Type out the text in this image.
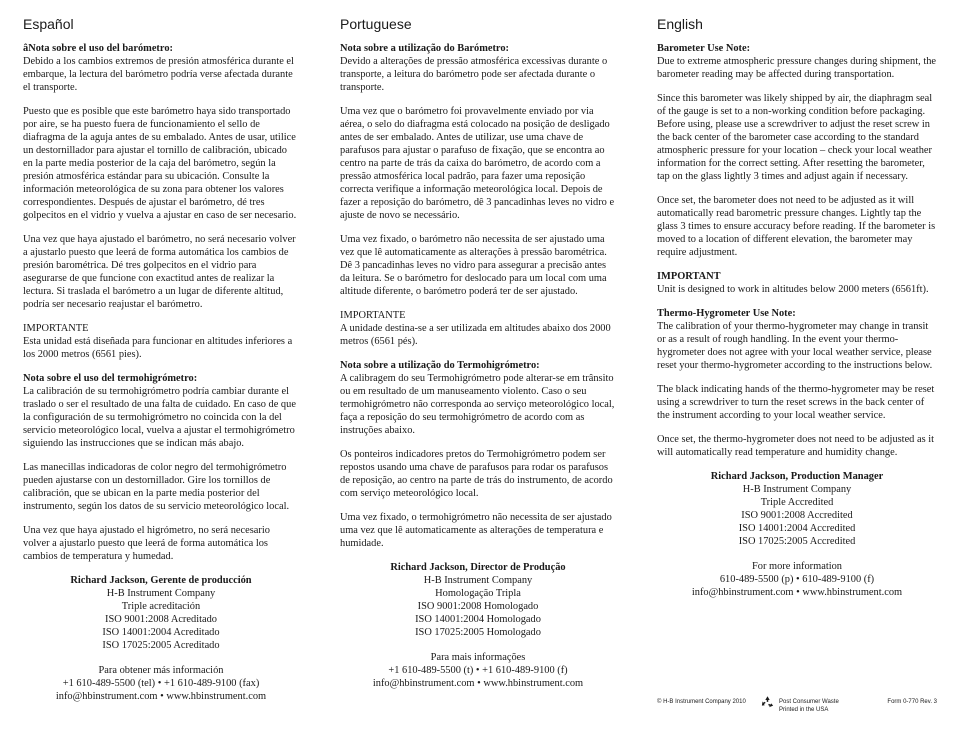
Español

âNota sobre el uso del barómetro:

Debido a los cambios extremos de presión atmosférica durante el embarque, la lectura del barómetro podría verse afectada durante el transporte.

Puesto que es posible que este barómetro haya sido transportado por aire, se ha puesto fuera de funcionamiento el sello de diafragma de la aguja antes de su embalado. Antes de usar, utilice un destornillador para ajustar el tornillo de calibración, ubicado en la parte media posterior de la caja del barómetro, según la presión atmosférica estándar para su ubicación. Consulte la información meteorológica de su zona para obtener los valores correspondientes. Después de ajustar el barómetro, dé tres golpecitos en el vidrio y vuelva a ajustar en caso de ser necesario.

Una vez que haya ajustado el barómetro, no será necesario volver a ajustarlo puesto que leerá de forma automática los cambios de presión barométrica. Dé tres golpecitos en el vidrio para asegurarse de que funcione con exactitud antes de realizar la lectura. Si traslada el barómetro a un lugar de diferente altitud, podría ser necesario reajustar el barómetro.

IMPORTANTE

Esta unidad está diseñada para funcionar en altitudes inferiores a los 2000 metros (6561 pies).

Nota sobre el uso del termohigrómetro:

La calibración de su termohigrómetro podría cambiar durante el traslado o ser el resultado de una falta de cuidado. En caso de que la configuración de su termohigrómetro no coincida con la del servicio meteorológico local, vuelva a ajustar el termohigrómetro siguiendo las instrucciones que se indican más abajo.

Las manecillas indicadoras de color negro del termohigrómetro pueden ajustarse con un destornillador. Gire los tornillos de calibración, que se ubican en la parte media posterior del instrumento, según los datos de su servicio meteorológico local.

Una vez que haya ajustado el higrómetro, no será necesario volver a ajustarlo puesto que leerá de forma automática los cambios de temperatura y humedad.

Richard Jackson, Gerente de producción

H-B Instrument Company

Triple acreditación

ISO 9001:2008 Acreditado

ISO 14001:2004 Acreditado

ISO 17025:2005 Acreditado

Para obtener más información

+1 610-489-5500 (tel) • +1 610-489-9100 (fax)

info@hbinstrument.com • www.hbinstrument.com

Portuguese

Nota sobre a utilização do Barómetro:

Devido a alterações de pressão atmosférica excessivas durante o transporte, a leitura do barómetro pode ser afectada durante o transporte.

Uma vez que o barómetro foi provavelmente enviado por via aérea, o selo do diafragma está colocado na posição de desligado antes de ser embalado. Antes de utilizar, use uma chave de parafusos para ajustar o parafuso de fixação, que se encontra ao centro na parte de trás da caixa do barómetro, de acordo com a pressão atmosférica local padrão, para fazer uma reposição correcta verifique a informação meteorológica local. Depois de fazer a reposição do barómetro, dê 3 pancadinhas leves no vidro e ajuste de novo se necessário.

Uma vez fixado, o barómetro não necessita de ser ajustado uma vez que lê automaticamente as alterações à pressão barométrica. Dê 3 pancadinhas leves no vidro para assegurar a precisão antes da leitura. Se o barómetro for deslocado para um local com uma altitude diferente, o barómetro poderá ter de ser ajustado.

IMPORTANTE

A unidade destina-se a ser utilizada em altitudes abaixo dos 2000 metros (6561 pés).

Nota sobre a utilização do Termohigrómetro:

A calibragem do seu Termohigrómetro pode alterar-se em trânsito ou em resultado de um manuseamento violento. Caso o seu termohigrómetro não corresponda ao serviço meteorológico local, faça a reposição do seu termohigrómetro de acordo com as instruções abaixo.

Os ponteiros indicadores pretos do Termohigrómetro podem ser repostos usando uma chave de parafusos para rodar os parafusos de reposição, ao centro na parte de trás do instrumento, de acordo com serviço meteorológico local.

Uma vez fixado, o termohigrómetro não necessita de ser ajustado uma vez que lê automaticamente as alterações de temperatura e humidade.

Richard Jackson, Director de Produção

H-B Instrument Company

Homologação Tripla

ISO 9001:2008 Homologado

ISO 14001:2004 Homologado

ISO 17025:2005 Homologado

Para mais informações

+1 610-489-5500 (t) • +1 610-489-9100 (f)

info@hbinstrument.com • www.hbinstrument.com

English

Barometer Use Note:

Due to extreme atmospheric pressure changes during shipment, the barometer reading may be affected during transportation.

Since this barometer was likely shipped by air, the diaphragm seal of the gauge is set to a non-working condition before packaging. Before using, please use a screwdriver to adjust the reset screw in the back center of the barometer case according to the standard atmospheric pressure for your location – check your local weather information for the correct setting. After resetting the barometer, tap on the glass lightly 3 times and adjust again if necessary.

Once set, the barometer does not need to be adjusted as it will automatically read barometric pressure changes. Lightly tap the glass 3 times to ensure accuracy before reading. If the barometer is moved to a location of different elevation, the barometer may require adjustment.

IMPORTANT

Unit is designed to work in altitudes below 2000 meters (6561ft).

Thermo-Hygrometer Use Note:

The calibration of your thermo-hygrometer may change in transit or as a result of rough handling. In the event your thermo-hygrometer does not agree with your local weather service, please reset your thermo-hygrometer according to the instructions below.

The black indicating hands of the thermo-hygrometer may be reset using a screwdriver to turn the reset screws in the back center of the instrument according to your local weather service.

Once set, the thermo-hygrometer does not need to be adjusted as it will automatically read temperature and humidity change.

Richard Jackson, Production Manager

H-B Instrument Company

Triple Accredited

ISO 9001:2008 Accredited

ISO 14001:2004 Accredited

ISO 17025:2005 Accredited

For more information

610-489-5500 (p) • 610-489-9100 (f)

info@hbinstrument.com • www.hbinstrument.com

© H-B Instrument Company 2010	Post Consumer Waste
Printed in the USA
Form 0-770 Rev. 3
